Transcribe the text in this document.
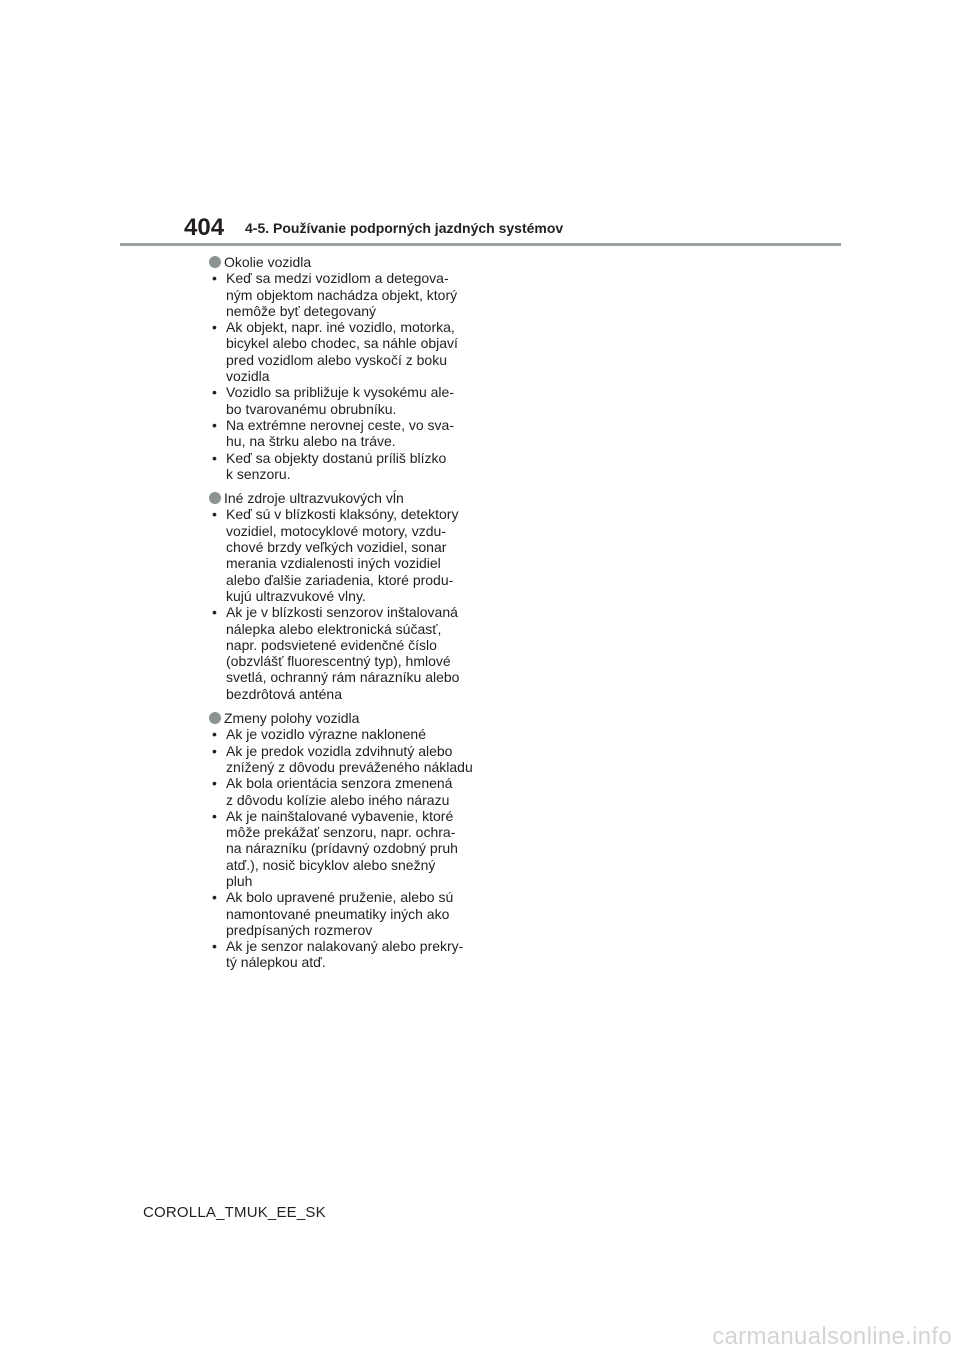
404 4-5. Používanie podporných jazdných systémov
Okolie vozidla
• Keď sa medzi vozidlom a detegova-
ným objektom nachádza objekt, ktorý
nemôže byť detegovaný
• Ak objekt, napr. iné vozidlo, motorka,
bicykel alebo chodec, sa náhle objaví
pred vozidlom alebo vyskočí z boku
vozidla
• Vozidlo sa približuje k vysokému ale-
bo tvarovanému obrubníku.
• Na extrémne nerovnej ceste, vo sva-
hu, na štrku alebo na tráve.
• Keď sa objekty dostanú príliš blízko
k senzoru.
Iné zdroje ultrazvukových vĺn
• Keď sú v blízkosti klaksóny, detektory
vozidiel, motocyklové motory, vzdu-
chové brzdy veľkých vozidiel, sonar
merania vzdialenosti iných vozidiel
alebo ďalšie zariadenia, ktoré produ-
kujú ultrazvukové vlny.
• Ak je v blízkosti senzorov inštalovaná
nálepka alebo elektronická súčasť,
napr. podsvietené evidenčné číslo
(obzvlášť fluorescentný typ), hmlové
svetlá, ochranný rám nárazníku alebo
bezdrôtová anténa
Zmeny polohy vozidla
• Ak je vozidlo výrazne naklonené
• Ak je predok vozidla zdvihnutý alebo
znížený z dôvodu preváženého nákladu
• Ak bola orientácia senzora zmenená
z dôvodu kolízie alebo iného nárazu
• Ak je nainštalované vybavenie, ktoré
môže prekážať senzoru, napr. ochra-
na nárazníku (prídavný ozdobný pruh
atď.), nosič bicyklov alebo snežný
pluh
• Ak bolo upravené pruženie, alebo sú
namontované pneumatiky iných ako
predpísaných rozmerov
• Ak je senzor nalakovaný alebo prekry-
tý nálepkou atď.
COROLLA_TMUK_EE_SK
carmanualsonline.info
